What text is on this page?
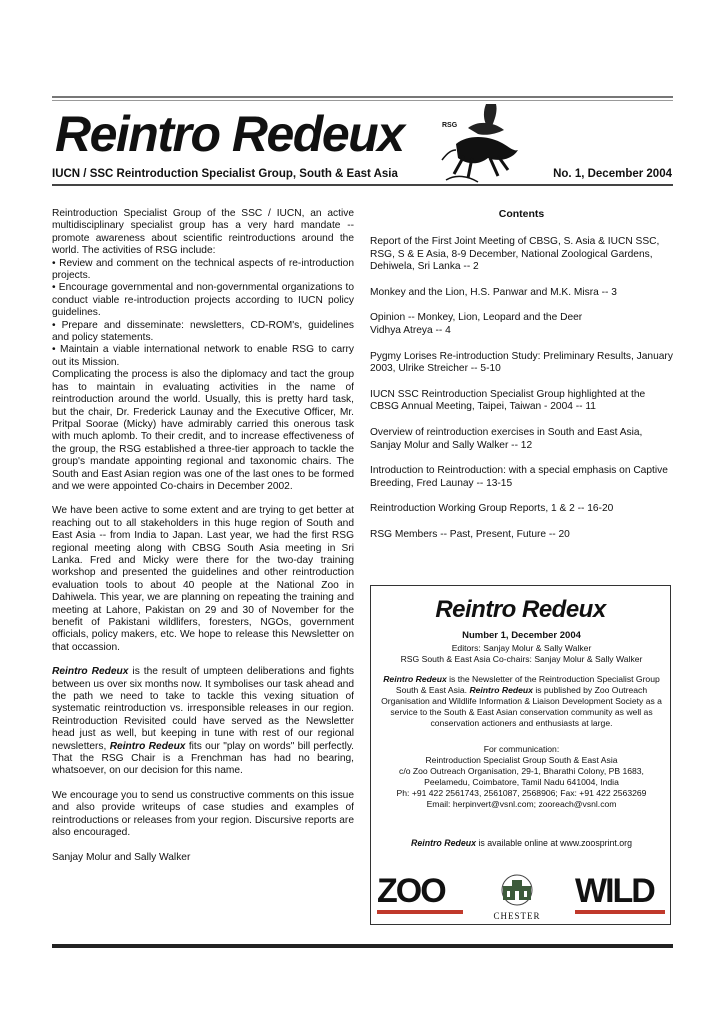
Reintro Redeux	RSG
IUCN / SSC Reintroduction Specialist Group, South & East Asia	No. 1, December 2004

Reintroduction Specialist Group of the SSC / IUCN, an active multidisciplinary specialist group has a very hard mandate -- promote awareness about scientific reintroductions around the world. The activities of RSG include:

• Review and comment on the technical aspects of re-introduction projects.

• Encourage governmental and non-governmental organizations to conduct viable re-introduction projects according to IUCN policy guidelines.

• Prepare and disseminate: newsletters, CD-ROM's, guidelines and policy statements.

• Maintain a viable international network to enable RSG to carry out its Mission.

Complicating the process is also the diplomacy and tact the group has to maintain in evaluating activities in the name of reintroduction around the world. Usually, this is pretty hard task, but the chair, Dr. Frederick Launay and the Executive Officer, Mr. Pritpal Soorae (Micky) have admirably carried this onerous task with much aplomb. To their credit, and to increase effectiveness of the group, the RSG established a three-tier approach to tackle the group's mandate appointing regional and taxonomic chairs. The South and East Asian region was one of the last ones to be formed and we were appointed Co-chairs in December 2002.

We have been active to some extent and are trying to get better at reaching out to all stakeholders in this huge region of South and East Asia -- from India to Japan. Last year, we had the first RSG regional meeting along with CBSG South Asia meeting in Sri Lanka. Fred and Micky were there for the two-day training workshop and presented the guidelines and other reintroduction evaluation tools to about 40 people at the National Zoo in Dahiwela. This year, we are planning on repeating the training and meeting at Lahore, Pakistan on 29 and 30 of November for the benefit of Pakistani wildlifers, foresters, NGOs, government officials, policy makers, etc. We hope to release this Newsletter on that occassion.

Reintro Redeux is the result of umpteen deliberations and fights between us over six months now. It symbolises our task ahead and the path we need to take to tackle this vexing situation of systematic reintroduction vs. irresponsible releases in our region. Reintroduction Revisited could have served as the Newsletter head just as well, but keeping in tune with rest of our regional newsletters, Reintro Redeux fits our "play on words" bill perfectly. That the RSG Chair is a Frenchman has had no bearing, whatsoever, on our decision for this name.

We encourage you to send us constructive comments on this issue and also provide writeups of case studies and examples of reintroductions or releases from your region. Discursive reports are also encouraged.

Sanjay Molur and Sally Walker

Contents
Report of the First Joint Meeting of CBSG, S. Asia & IUCN SSC, RSG, S & E Asia, 8-9 December, National Zoological Gardens, Dehiwela, Sri Lanka -- 2
Monkey and the Lion, H.S. Panwar and M.K. Misra -- 3
Opinion -- Monkey, Lion, Leopard and the Deer
Vidhya Atreya -- 4
Pygmy Lorises Re-introduction Study: Preliminary Results, January 2003, Ulrike Streicher -- 5-10
IUCN SSC Reintroduction Specialist Group highlighted at the CBSG Annual Meeting, Taipei, Taiwan - 2004 -- 11
Overview of reintroduction exercises in South and East Asia, Sanjay Molur and Sally Walker -- 12
Introduction to Reintroduction: with a special emphasis on Captive Breeding, Fred Launay -- 13-15
Reintroduction Working Group Reports, 1 & 2 -- 16-20
RSG Members -- Past, Present, Future -- 20
Reintro Redeux
Number 1, December 2004
Editors: Sanjay Molur & Sally Walker
RSG South & East Asia Co-chairs: Sanjay Molur & Sally Walker
Reintro Redeux is the Newsletter of the Reintroduction Specialist Group South & East Asia. Reintro Redeux is published by Zoo Outreach Organisation and Wildlife Information & Liaison Development Society as a service to the South & East Asian conservation community as well as conservation actioners and enthusiasts at large.
For communication:
Reintroduction Specialist Group South & East Asia
c/o Zoo Outreach Organisation, 29-1, Bharathi Colony, PB 1683,
Peelamedu, Coimbatore, Tamil Nadu 641004, India
Ph: +91 422 2561743, 2561087, 2568906; Fax: +91 422 2563269
Email: herpinvert@vsnl.com; zooreach@vsnl.com
Reintro Redeux is available online at www.zoosprint.org
ZOO
CHESTER
WILD
